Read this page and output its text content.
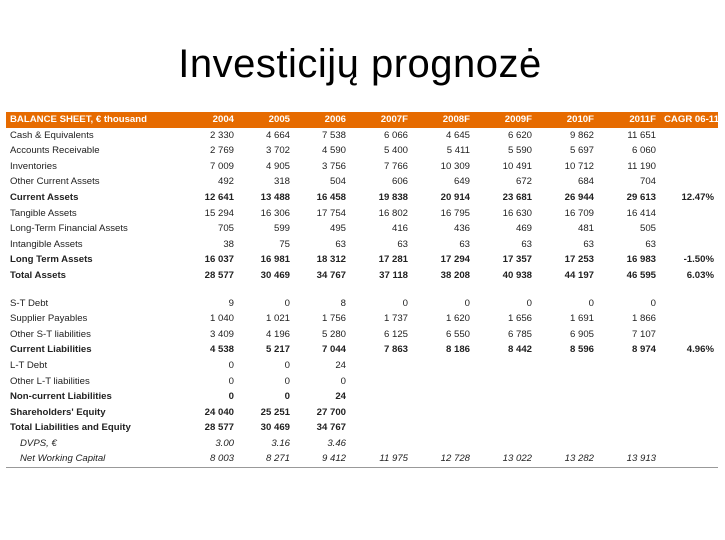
Investicijų prognozė
BALANCE SHEET, € thousand	2004	2005	2006	2007F	2008F	2009F	2010F	2011F	CAGR 06-11F
Cash & Equivalents	2 330	4 664	7 538	6 066	4 645	6 620	9 862	11 651	
Accounts Receivable	2 769	3 702	4 590	5 400	5 411	5 590	5 697	6 060	
Inventories	7 009	4 905	3 756	7 766	10 309	10 491	10 712	11 190	
Other Current Assets	492	318	504	606	649	672	684	704	
Current Assets	12 641	13 488	16 458	19 838	20 914	23 681	26 944	29 613	12.47%
Tangible Assets	15 294	16 306	17 754	16 802	16 795	16 630	16 709	16 414	
Long-Term Financial Assets	705	599	495	416	436	469	481	505	
Intangible Assets	38	75	63	63	63	63	63	63	
Long Term Assets	16 037	16 981	18 312	17 281	17 294	17 357	17 253	16 983	-1.50%
Total Assets	28 577	30 469	34 767	37 118	38 208	40 938	44 197	46 595	6.03%

S-T Debt	9	0	8	0	0	0	0	0	
Supplier Payables	1 040	1 021	1 756	1 737	1 620	1 656	1 691	1 866	
Other S-T liabilities	3 409	4 196	5 280	6 125	6 550	6 785	6 905	7 107	
Current Liabilities	4 538	5 217	7 044	7 863	8 186	8 442	8 596	8 974	4.96%
L-T Debt	0	0	24						
Other L-T liabilities	0	0	0						
Non-current Liabilities	0	0	24						
Shareholders' Equity	24 040	25 251	27 700						
Total Liabilities and Equity	28 577	30 469	34 767						
DVPS, €	3.00	3.16	3.46						
Net Working Capital	8 003	8 271	9 412	11 975	12 728	13 022	13 282	13 913	
